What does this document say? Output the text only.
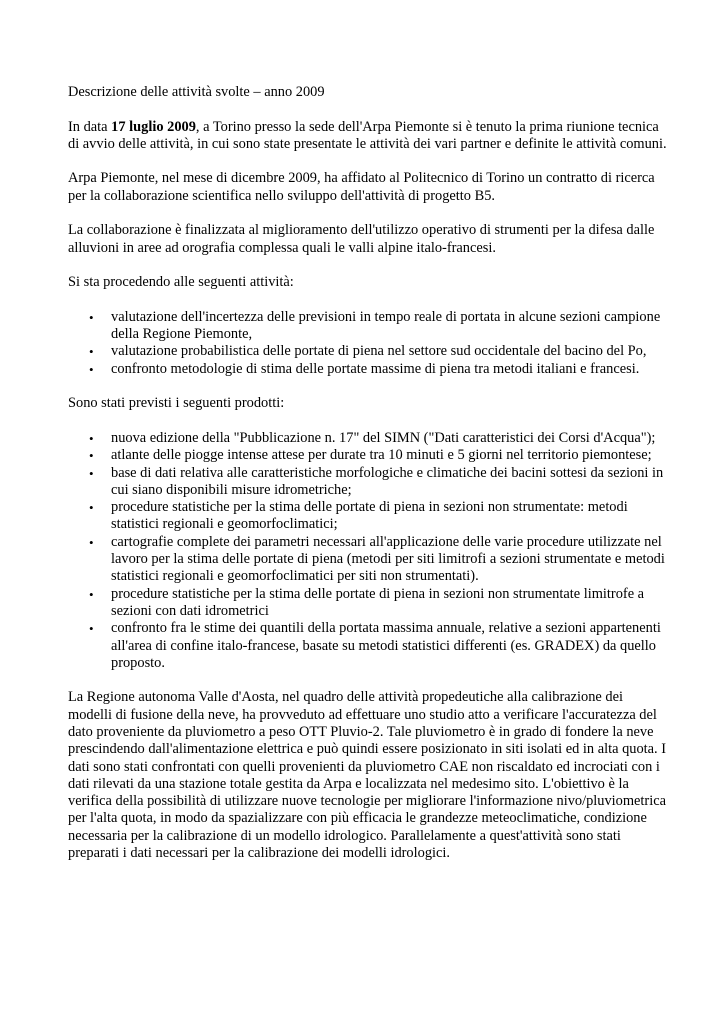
Descrizione delle attività svolte – anno 2009

In data 17 luglio 2009, a Torino presso la sede dell'Arpa Piemonte si è tenuto la prima riunione tecnica di avvio delle attività, in cui sono state presentate le attività dei vari partner e definite le attività comuni.

Arpa Piemonte, nel mese di dicembre 2009, ha affidato al Politecnico di Torino un contratto di ricerca per la collaborazione scientifica nello sviluppo dell'attività di progetto B5.

La collaborazione è finalizzata al miglioramento dell'utilizzo operativo di strumenti per la difesa dalle alluvioni in aree ad orografia complessa quali le valli alpine italo-francesi.

Si sta procedendo alle seguenti attività:

• valutazione dell'incertezza delle previsioni in tempo reale di portata in alcune sezioni campione della Regione Piemonte,
• valutazione probabilistica delle portate di piena nel settore sud occidentale del bacino del Po,
• confronto metodologie di stima delle portate massime di piena tra metodi italiani e francesi.

Sono stati previsti i seguenti prodotti:

• nuova edizione della "Pubblicazione n. 17" del SIMN ("Dati caratteristici dei Corsi d'Acqua");
• atlante delle piogge intense attese per durate tra 10 minuti e 5 giorni nel territorio piemontese;
• base di dati relativa alle caratteristiche morfologiche e climatiche dei bacini sottesi da sezioni in cui siano disponibili misure idrometriche;
• procedure statistiche per la stima delle portate di piena in sezioni non strumentate: metodi statistici regionali e geomorfoclimatici;
• cartografie complete dei parametri necessari all'applicazione delle varie procedure utilizzate nel lavoro per la stima delle portate di piena (metodi per siti limitrofi a sezioni strumentate e metodi statistici regionali e geomorfoclimatici per siti non strumentati).
• procedure statistiche per la stima delle portate di piena in sezioni non strumentate limitrofe a sezioni con dati idrometrici
• confronto fra le stime dei quantili della portata massima annuale, relative a sezioni appartenenti all'area di confine italo-francese, basate su metodi statistici differenti (es. GRADEX) da quello proposto.

La Regione autonoma Valle d'Aosta, nel quadro delle attività propedeutiche alla calibrazione dei modelli di fusione della neve, ha provveduto ad effettuare uno studio atto a verificare l'accuratezza del dato proveniente da pluviometro a peso OTT Pluvio-2. Tale pluviometro è in grado di fondere la neve prescindendo dall'alimentazione elettrica e può quindi essere posizionato in siti isolati ed in alta quota. I dati sono stati confrontati con quelli provenienti da pluviometro CAE non riscaldato ed incrociati con i dati rilevati da una stazione totale gestita da Arpa e localizzata nel medesimo sito. L'obiettivo è la verifica della possibilità di utilizzare nuove tecnologie per migliorare l'informazione nivo/pluviometrica per l'alta quota, in modo da spazializzare con più efficacia le grandezze meteoclimatiche, condizione necessaria per la calibrazione di un modello idrologico. Parallelamente a quest'attività sono stati preparati i dati necessari per la calibrazione dei modelli idrologici.
